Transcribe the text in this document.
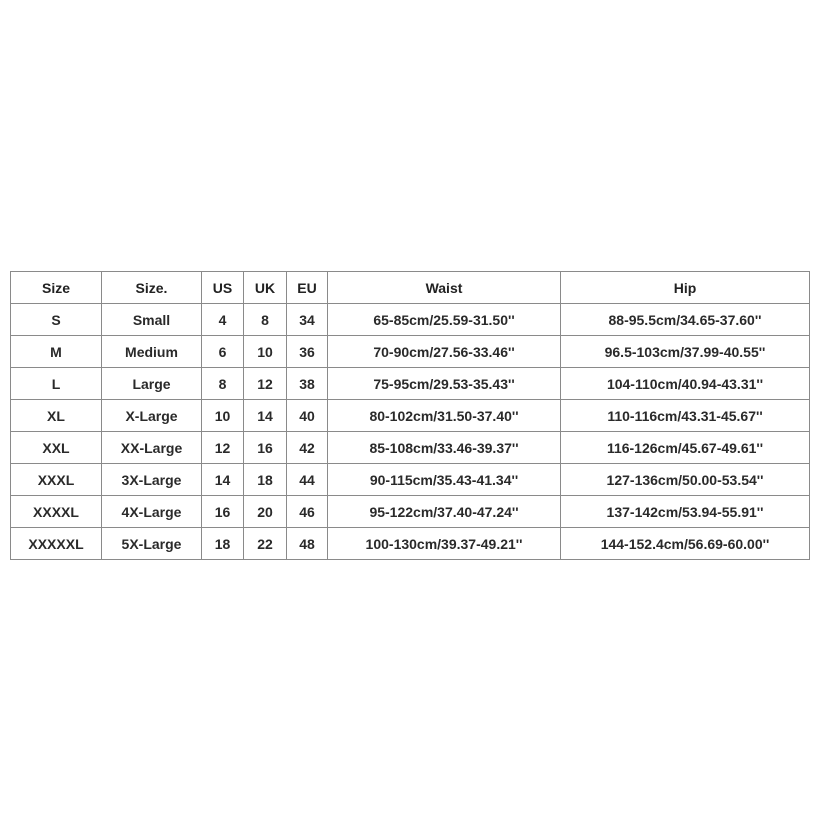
Size	Size.	US	UK	EU	Waist	Hip
S	Small	4	8	34	65-85cm/25.59-31.50''	88-95.5cm/34.65-37.60''
M	Medium	6	10	36	70-90cm/27.56-33.46''	96.5-103cm/37.99-40.55''
L	Large	8	12	38	75-95cm/29.53-35.43''	104-110cm/40.94-43.31''
XL	X-Large	10	14	40	80-102cm/31.50-37.40''	110-116cm/43.31-45.67''
XXL	XX-Large	12	16	42	85-108cm/33.46-39.37''	116-126cm/45.67-49.61''
XXXL	3X-Large	14	18	44	90-115cm/35.43-41.34''	127-136cm/50.00-53.54''
XXXXL	4X-Large	16	20	46	95-122cm/37.40-47.24''	137-142cm/53.94-55.91''
XXXXXL	5X-Large	18	22	48	100-130cm/39.37-49.21''	144-152.4cm/56.69-60.00''
